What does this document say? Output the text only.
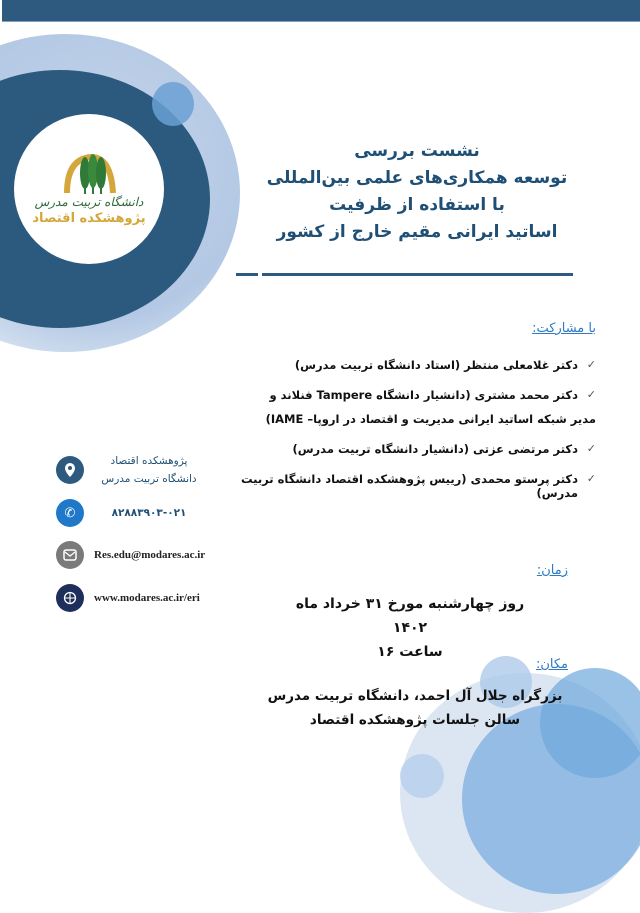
دانشگاه تربیت مدرس
پژوهشکده اقتصاد
نشست بررسی
توسعه همکاری‌های علمی بین‌المللی
با استفاده از ظرفیت
اساتید ایرانی مقیم خارج از کشور
با مشارکت:
✓
دکتر غلامعلی منتظر (استاد دانشگاه تربیت مدرس)
✓
دکتر محمد مشتری (دانشیار دانشگاه Tampere فنلاند و
مدیر شبکه اساتید ایرانی مدیریت و اقتصاد در اروپا– IAME)
✓
دکتر مرتضی عزتی (دانشیار دانشگاه تربیت مدرس)
✓
دکتر پرستو محمدی (رییس پژوهشکده اقتصاد دانشگاه تربیت مدرس)
پژوهشکده اقتصاد
دانشگاه تربیت مدرس
✆	۸۲۸۸۳۹۰۳-۰۲۱
Res.edu@modares.ac.ir
www.modares.ac.ir/eri
زمان:
روز چهارشنبه مورخ ۳۱ خرداد ماه ۱۴۰۲
ساعت ۱۶
مکان:
بزرگراه جلال آل احمد، دانشگاه تربیت مدرس
سالن جلسات پژوهشکده اقتصاد
